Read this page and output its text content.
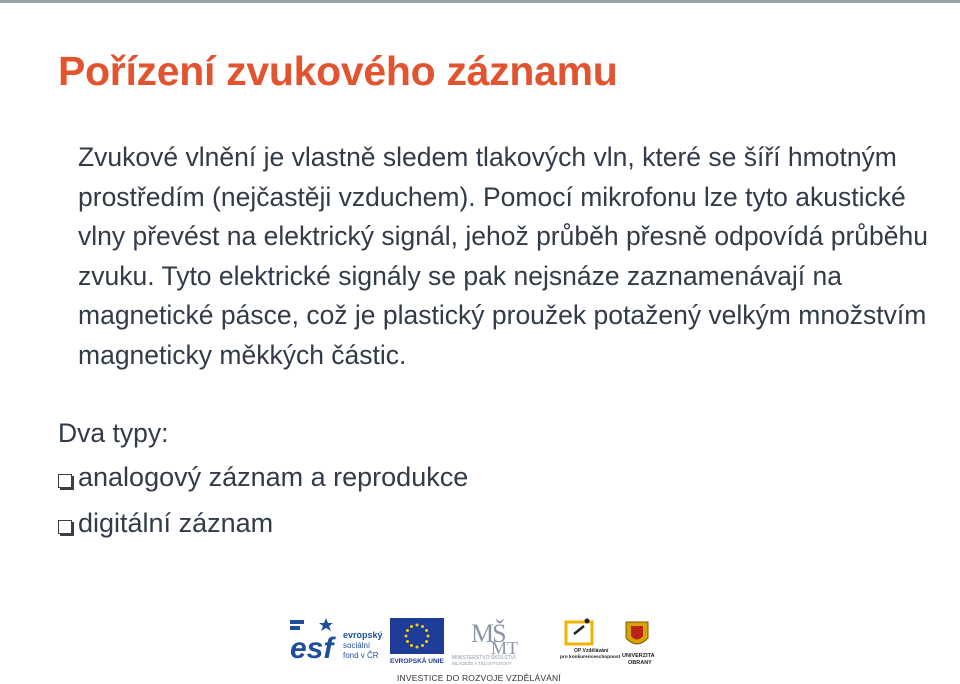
Pořízení zvukového záznamu
Zvukové vlnění je vlastně sledem tlakových vln, které se šíří hmotným prostředím (nejčastěji vzduchem). Pomocí mikrofonu lze tyto akustické vlny převést na elektrický signál, jehož průběh přesně odpovídá průběhu zvuku. Tyto elektrické signály se pak nejsnáze zaznamenávají na magnetické pásce, což je plastický proužek potažený velkým množstvím magneticky měkkých částic.
Dva typy:
analogový záznam a reprodukce
digitální záznam
esf	evropský
sociální
fond v ČR
EVROPSKÁ UNIE
MŠ
MT
MINISTERSTVO ŠKOLSTVÍ,
MLÁDEŽE A TĚLOVÝCHOVY
OP Vzdělávání
pro konkurenceschopnost UNIVERZITA
OBRANY
INVESTICE DO ROZVOJE VZDĚLÁVÁNÍ
